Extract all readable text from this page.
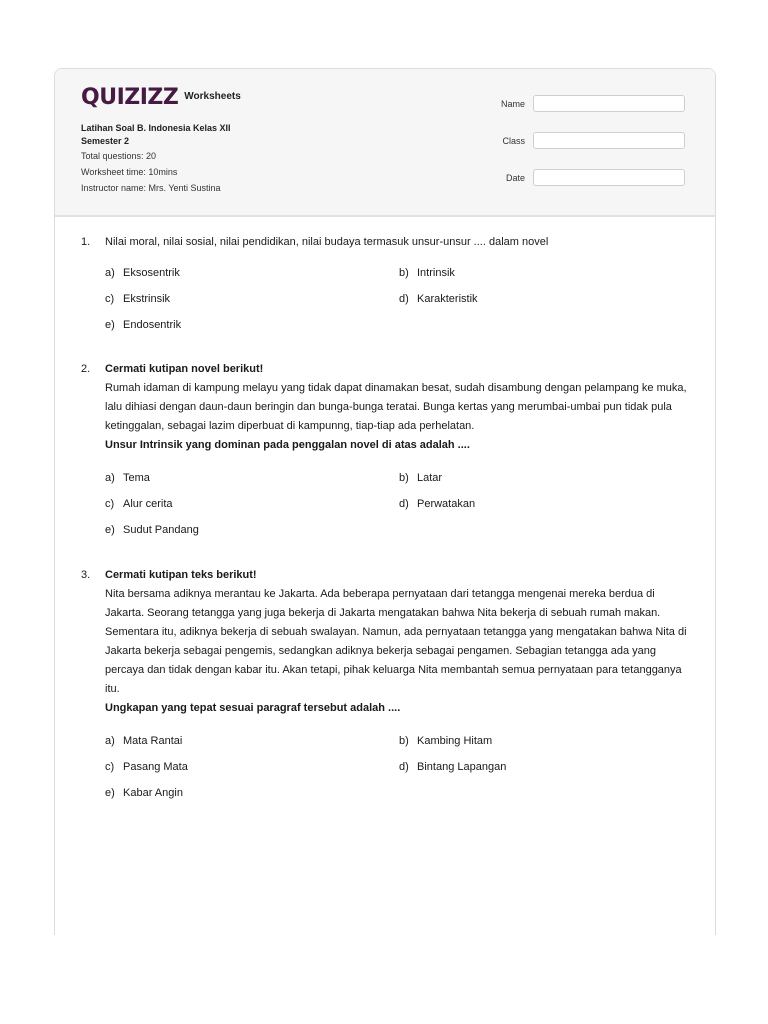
QUIZIZZ Worksheets
Latihan Soal B. Indonesia Kelas XII
Semester 2
Total questions: 20
Worksheet time: 10mins
Instructor name: Mrs. Yenti Sustina
Name
Class
Date
1. Nilai moral, nilai sosial, nilai pendidikan, nilai budaya termasuk unsur-unsur .... dalam novel
a) Eksosentrik	b) Intrinsik
c) Ekstrinsik	d) Karakteristik
e) Endosentrik
2. Cermati kutipan novel berikut!
Rumah idaman di kampung melayu yang tidak dapat dinamakan besat, sudah disambung dengan pelampang ke muka, lalu dihiasi dengan daun-daun beringin dan bunga-bunga teratai. Bunga kertas yang merumbai-umbai pun tidak pula ketinggalan, sebagai lazim diperbuat di kampunng, tiap-tiap ada perhelatan.
Unsur Intrinsik yang dominan pada penggalan novel di atas adalah ....
a) Tema	b) Latar
c) Alur cerita	d) Perwatakan
e) Sudut Pandang
3. Cermati kutipan teks berikut!
Nita bersama adiknya merantau ke Jakarta. Ada beberapa pernyataan dari tetangga mengenai mereka berdua di Jakarta. Seorang tetangga yang juga bekerja di Jakarta mengatakan bahwa Nita bekerja di sebuah rumah makan. Sementara itu, adiknya bekerja di sebuah swalayan. Namun, ada pernyataan tetangga yang mengatakan bahwa Nita di Jakarta bekerja sebagai pengemis, sedangkan adiknya bekerja sebagai pengamen. Sebagian tetangga ada yang percaya dan tidak dengan kabar itu. Akan tetapi, pihak keluarga Nita membantah semua pernyataan para tetangganya itu.
Ungkapan yang tepat sesuai paragraf tersebut adalah ....
a) Mata Rantai	b) Kambing Hitam
c) Pasang Mata	d) Bintang Lapangan
e) Kabar Angin
